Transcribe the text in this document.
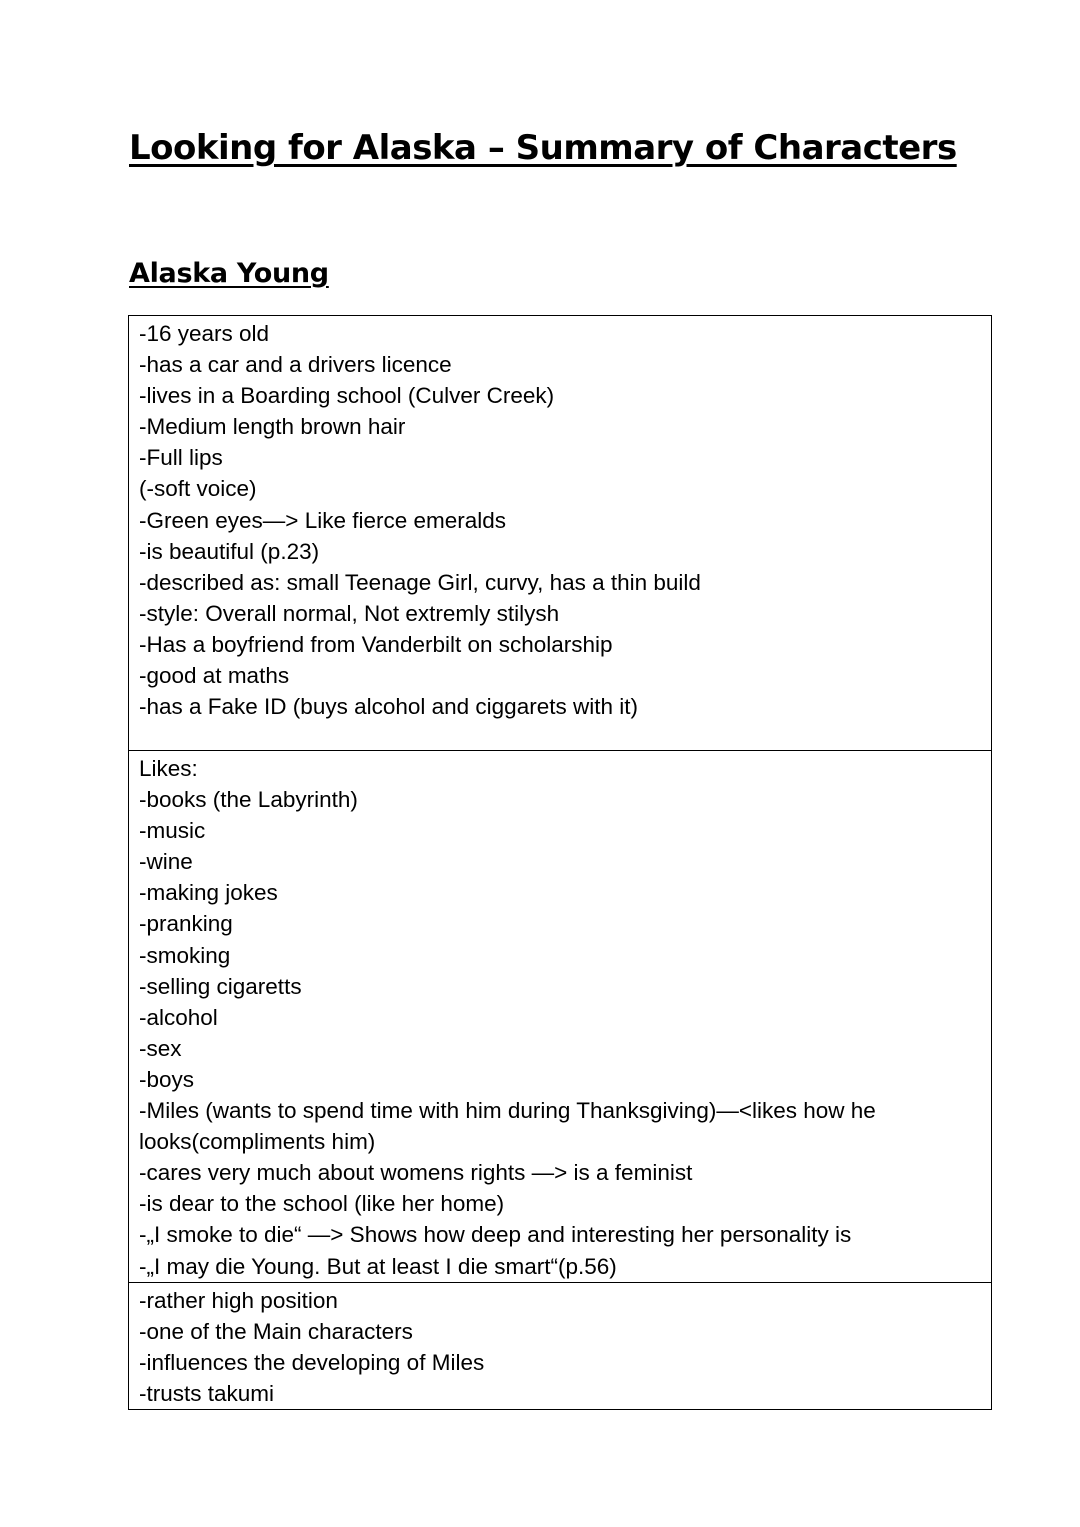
Looking for Alaska – Summary of Characters
Alaska Young
-16 years old
-has a car and a drivers licence
-lives in a Boarding school (Culver Creek)
-Medium length brown hair
-Full lips
(-soft voice)
-Green eyes—> Like fierce emeralds
-is beautiful (p.23)
-described as: small Teenage Girl, curvy, has a thin build
-style: Overall normal, Not extremly stilysh
-Has a boyfriend from Vanderbilt on scholarship
-good at maths
-has a Fake ID (buys alcohol and ciggarets with it)

Likes:
-books (the Labyrinth)
-music
-wine
-making jokes
-pranking
-smoking
-selling cigaretts
-alcohol
-sex
-boys
-Miles (wants to spend time with him during Thanksgiving)—<likes how he looks(compliments him)
-cares very much about womens rights —> is a feminist
-is dear to the school (like her home)
-„I smoke to die“ —> Shows how deep and interesting her personality is
-„I may die Young. But at least I die smart“(p.56)

-rather high position
-one of the Main characters
-influences the developing of Miles
-trusts takumi
